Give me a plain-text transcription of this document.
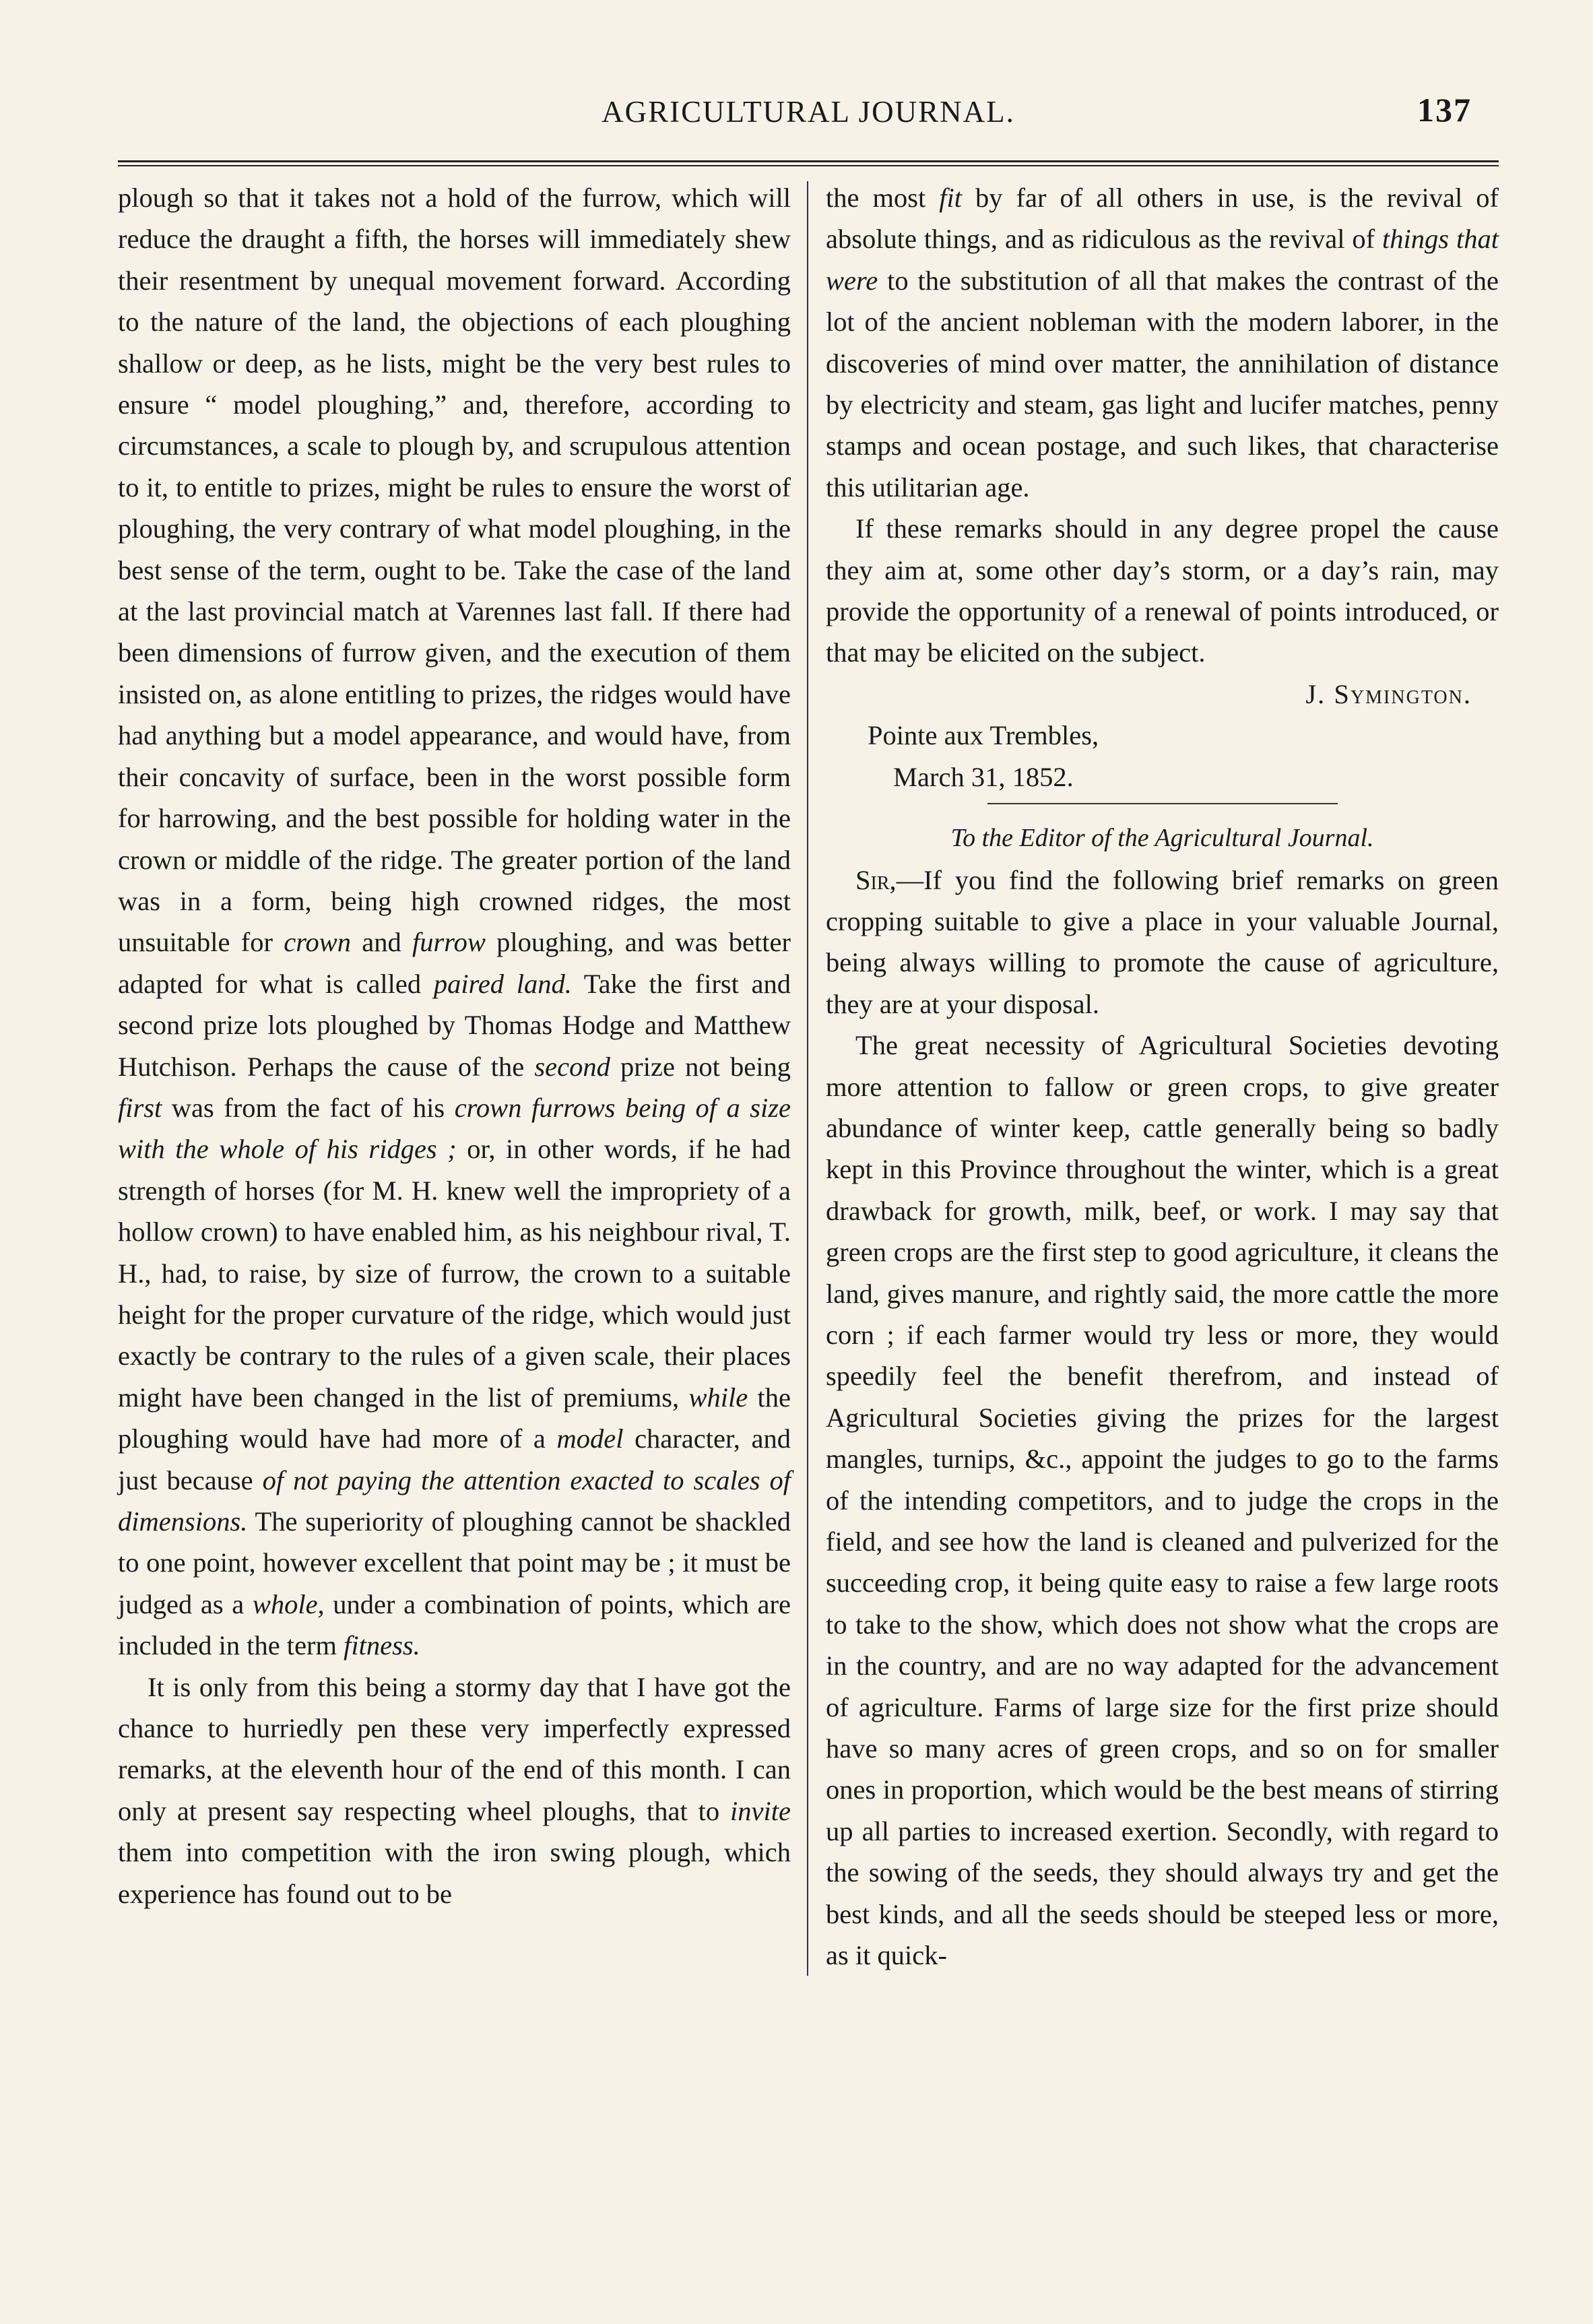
AGRICULTURAL JOURNAL.	137

plough so that it takes not a hold of the furrow, which will reduce the draught a fifth, the horses will immediately shew their resentment by unequal movement forward. According to the nature of the land, the objections of each ploughing shallow or deep, as he lists, might be the very best rules to ensure “ model ploughing,” and, therefore, according to circumstances, a scale to plough by, and scrupulous attention to it, to entitle to prizes, might be rules to ensure the worst of ploughing, the very contrary of what model ploughing, in the best sense of the term, ought to be. Take the case of the land at the last provincial match at Varennes last fall. If there had been dimensions of furrow given, and the execution of them insisted on, as alone entitling to prizes, the ridges would have had anything but a model appearance, and would have, from their concavity of surface, been in the worst possible form for harrowing, and the best possible for holding water in the crown or middle of the ridge. The greater portion of the land was in a form, being high crowned ridges, the most unsuitable for crown and furrow ploughing, and was better adapted for what is called paired land. Take the first and second prize lots ploughed by Thomas Hodge and Matthew Hutchison. Perhaps the cause of the second prize not being first was from the fact of his crown furrows being of a size with the whole of his ridges ; or, in other words, if he had strength of horses (for M. H. knew well the impropriety of a hollow crown) to have enabled him, as his neighbour rival, T. H., had, to raise, by size of furrow, the crown to a suitable height for the proper curvature of the ridge, which would just exactly be contrary to the rules of a given scale, their places might have been changed in the list of premiums, while the ploughing would have had more of a model character, and just because of not paying the attention exacted to scales of dimensions. The superiority of ploughing cannot be shackled to one point, however excellent that point may be ; it must be judged as a whole, under a combination of points, which are included in the term fitness.

It is only from this being a stormy day that I have got the chance to hurriedly pen these very imperfectly expressed remarks, at the eleventh hour of the end of this month. I can only at present say respecting wheel ploughs, that to invite them into competition with the iron swing plough, which experience has found out to be

the most fit by far of all others in use, is the revival of absolute things, and as ridiculous as the revival of things that were to the substitution of all that makes the contrast of the lot of the ancient nobleman with the modern laborer, in the discoveries of mind over matter, the annihilation of distance by electricity and steam, gas light and lucifer matches, penny stamps and ocean postage, and such likes, that characterise this utilitarian age.

If these remarks should in any degree propel the cause they aim at, some other day’s storm, or a day’s rain, may provide the opportunity of a renewal of points introduced, or that may be elicited on the subject.

J. Symington.

Pointe aux Trembles,

March 31, 1852.

To the Editor of the Agricultural Journal.

Sir,—If you find the following brief remarks on green cropping suitable to give a place in your valuable Journal, being always willing to promote the cause of agriculture, they are at your disposal.

The great necessity of Agricultural Societies devoting more attention to fallow or green crops, to give greater abundance of winter keep, cattle generally being so badly kept in this Province throughout the winter, which is a great drawback for growth, milk, beef, or work. I may say that green crops are the first step to good agriculture, it cleans the land, gives manure, and rightly said, the more cattle the more corn ; if each farmer would try less or more, they would speedily feel the benefit therefrom, and instead of Agricultural Societies giving the prizes for the largest mangles, turnips, &c., appoint the judges to go to the farms of the intending competitors, and to judge the crops in the field, and see how the land is cleaned and pulverized for the succeeding crop, it being quite easy to raise a few large roots to take to the show, which does not show what the crops are in the country, and are no way adapted for the advancement of agriculture. Farms of large size for the first prize should have so many acres of green crops, and so on for smaller ones in proportion, which would be the best means of stirring up all parties to increased exertion. Secondly, with regard to the sowing of the seeds, they should always try and get the best kinds, and all the seeds should be steeped less or more, as it quick-
